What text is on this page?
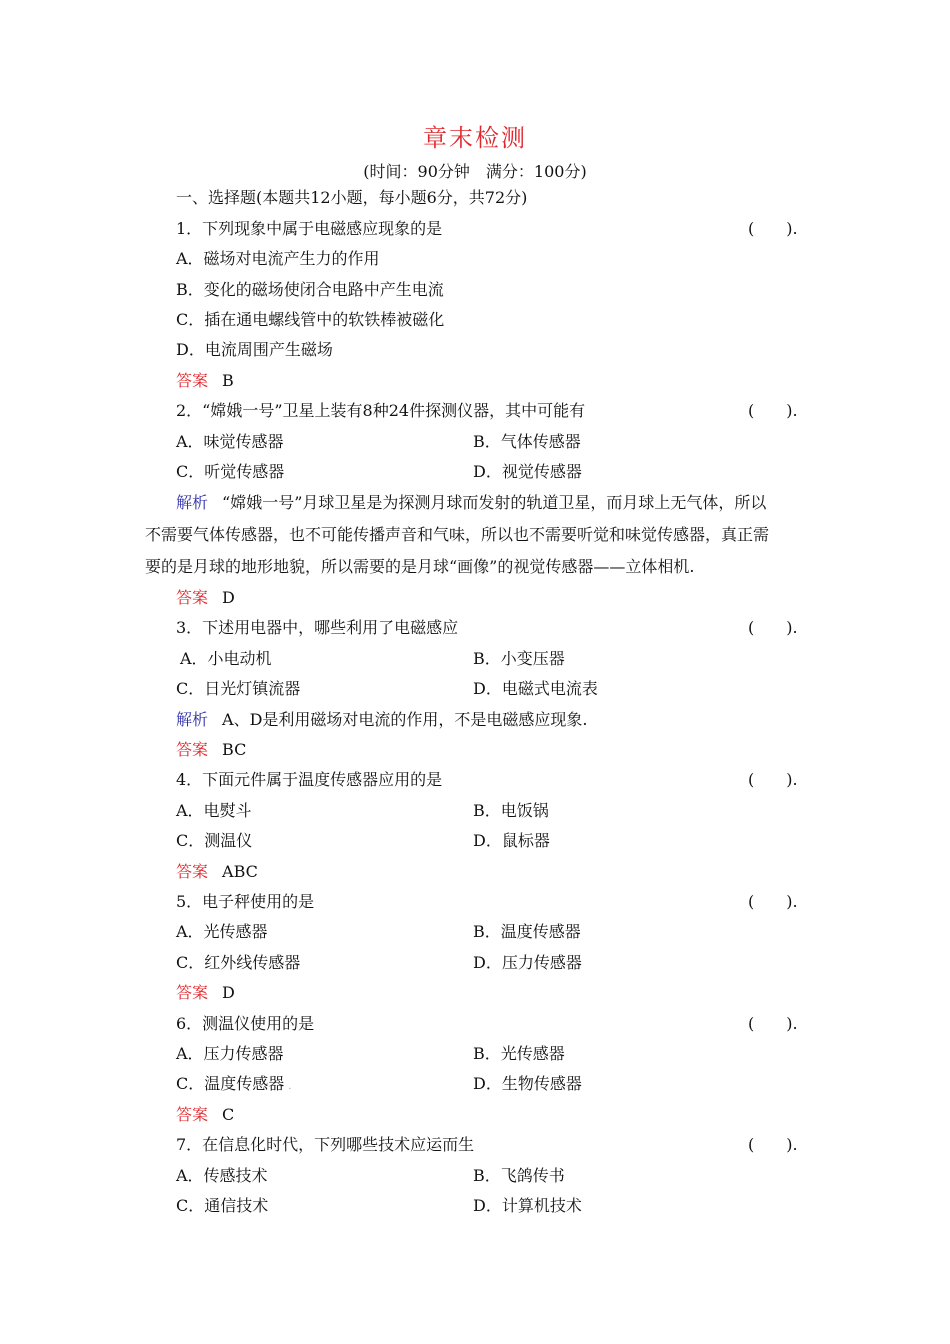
章末检测
(时间：90分钟　满分：100分)
一、选择题(本题共12小题，每小题6分，共72分)
1．下列现象中属于电磁感应现象的是	(　　).
A．磁场对电流产生力的作用
B．变化的磁场使闭合电路中产生电流
C．插在通电螺线管中的软铁棒被磁化
D．电流周围产生磁场
答案 B
2．“嫦娥一号”卫星上装有8种24件探测仪器，其中可能有	(　　).
A．味觉传感器	B．气体传感器
C．听觉传感器	D．视觉传感器
解析 “嫦娥一号”月球卫星是为探测月球而发射的轨道卫星，而月球上无气体，所以
不需要气体传感器，也不可能传播声音和气味，所以也不需要听觉和味觉传感器，真正需
要的是月球的地形地貌，所以需要的是月球“画像”的视觉传感器——立体相机.
答案 D
3．下述用电器中，哪些利用了电磁感应	(　　).
A．小电动机	B．小变压器
C．日光灯镇流器	D．电磁式电流表
解析 A、D是利用磁场对电流的作用，不是电磁感应现象.
答案 BC
4．下面元件属于温度传感器应用的是	(　　).
A．电熨斗	B．电饭锅
C．测温仪	D．鼠标器
答案 ABC
5．电子秤使用的是	(　　).
A．光传感器	B．温度传感器
C．红外线传感器	D．压力传感器
答案 D
6．测温仪使用的是	(　　).
A．压力传感器	B．光传感器
C．温度传感器  .	D．生物传感器
答案 C
7．在信息化时代，下列哪些技术应运而生	(　　).
A．传感技术	B．飞鸽传书
C．通信技术	D．计算机技术
